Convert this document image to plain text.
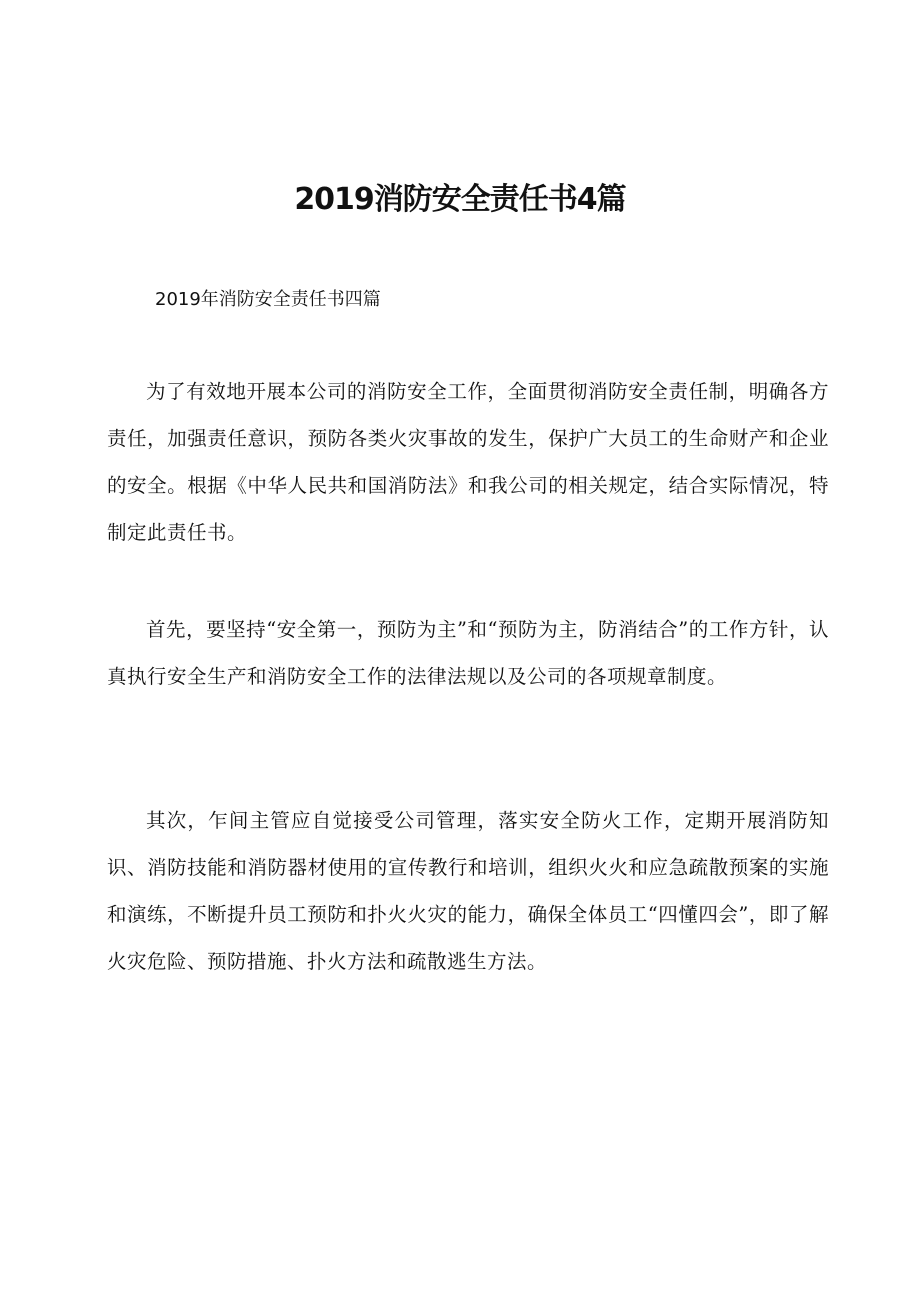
2019消防安全责任书4篇

2019年消防安全责任书四篇

为了有效地开展本公司的消防安全工作，全面贯彻消防安全责任制，明确各方责任，加强责任意识，预防各类火灾事故的发生，保护广大员工的生命财产和企业的安全。根据《中华人民共和国消防法》和我公司的相关规定，结合实际情况，特制定此责任书。

首先，要坚持“安全第一，预防为主”和“预防为主，防消结合”的工作方针，认真执行安全生产和消防安全工作的法律法规以及公司的各项规章制度。

其次，乍间主管应自觉接受公司管理，落实安全防火工作，定期开展消防知识、消防技能和消防器材使用的宣传教行和培训，组织火火和应急疏散预案的实施和演练，不断提升员工预防和扑火火灾的能力，确保全体员工“四懂四会”，即了解火灾危险、预防措施、扑火方法和疏散逃生方法。
